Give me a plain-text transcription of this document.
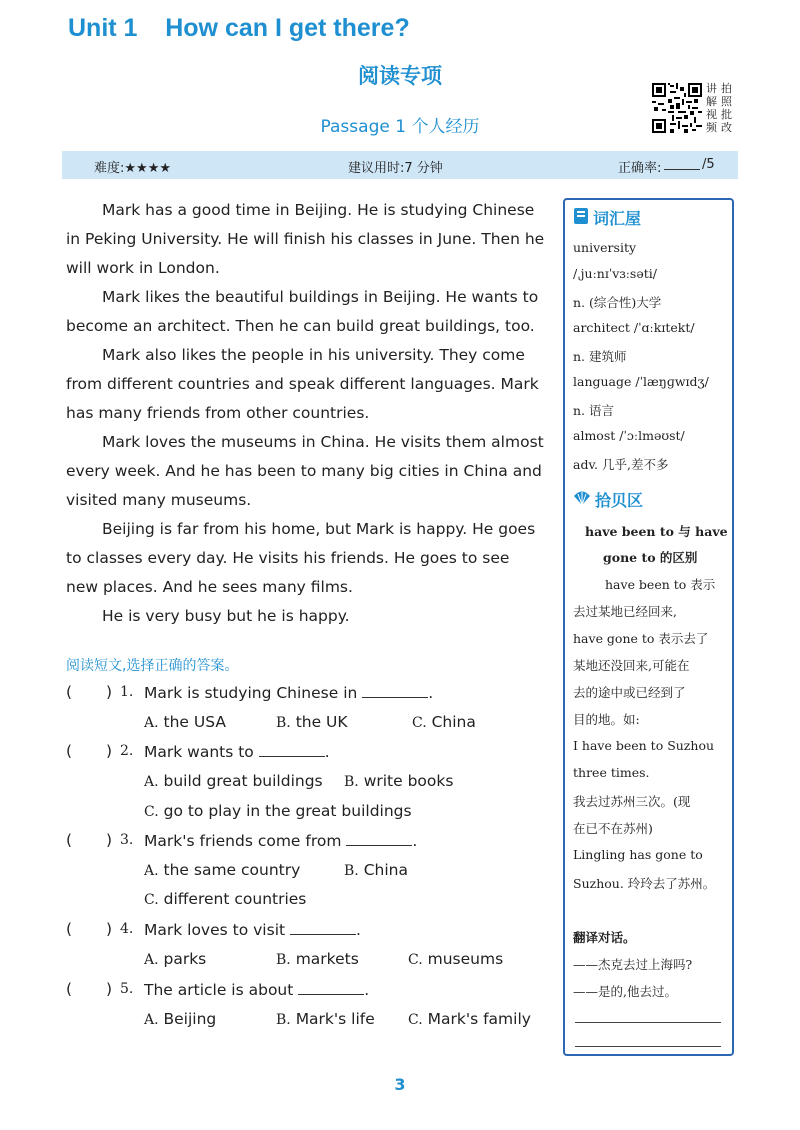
Unit 1    How can I get there?
阅读专项
Passage 1 个人经历
讲 拍
解 照
视 批
频 改
难度:★★★★	建议用时:7 分钟	正确率:	/5

Mark has a good time in Beijing. He is studying Chinese in Peking University. He will finish his classes in June. Then he will work in London.

Mark likes the beautiful buildings in Beijing. He wants to become an architect. Then he can build great buildings, too.

Mark also likes the people in his university. They come from different countries and speak different languages. Mark has many friends from other countries.

Mark loves the museums in China. He visits them almost every week. And he has been to many big cities in China and visited many museums.

Beijing is far from his home, but Mark is happy. He goes to classes every day. He visits his friends. He goes to see new places. And he sees many films.

He is very busy but he is happy.

阅读短文,选择正确的答案。
( ) 1. Mark is studying Chinese in	.
A. the USA	B. the UK	C. China
( ) 2. Mark wants to	.
A. build great buildings B. write books
C. go to play in the great buildings
( ) 3. Mark's friends come from	.
A. the same country	B. China
C. different countries
( ) 4. Mark loves to visit	.
A. parks	B. markets	C. museums
( ) 5. The article is about	.
A. Beijing	B. Mark's life C. Mark's family
词汇屋
university
/ˌjuːnɪˈvɜːsəti/
n. (综合性)大学
architect /ˈɑːkɪtekt/
n. 建筑师
language /ˈlæŋɡwɪdʒ/
n. 语言
almost /ˈɔːlməʊst/
adv. 几乎,差不多
拾贝区
have been to 与 have
gone to 的区别
have been to 表示
去过某地已经回来,
have gone to 表示去了
某地还没回来,可能在
去的途中或已经到了
目的地。如:
I have been to Suzhou
three times.
我去过苏州三次。(现
在已不在苏州)
Lingling has gone to
Suzhou. 玲玲去了苏州。
翻译对话。
——杰克去过上海吗?
——是的,他去过。
3
